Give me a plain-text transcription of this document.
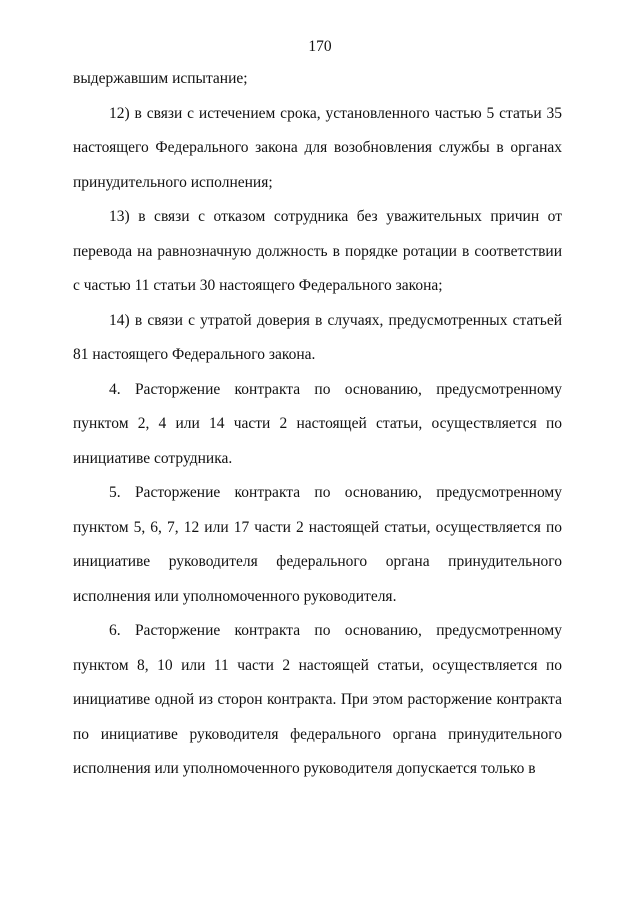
170

выдержавшим испытание;

12) в связи с истечением срока, установленного частью 5 статьи 35 настоящего Федерального закона для возобновления службы в органах принудительного исполнения;

13) в связи с отказом сотрудника без уважительных причин от перевода на равнозначную должность в порядке ротации в соответствии с частью 11 статьи 30 настоящего Федерального закона;

14) в связи с утратой доверия в случаях, предусмотренных статьей 81 настоящего Федерального закона.

4. Расторжение контракта по основанию, предусмотренному пунктом 2, 4 или 14 части 2 настоящей статьи, осуществляется по инициативе сотрудника.

5. Расторжение контракта по основанию, предусмотренному пунктом 5, 6, 7, 12 или 17 части 2 настоящей статьи, осуществляется по инициативе руководителя федерального органа принудительного исполнения или уполномоченного руководителя.

6. Расторжение контракта по основанию, предусмотренному пунктом 8, 10 или 11 части 2 настоящей статьи, осуществляется по инициативе одной из сторон контракта. При этом расторжение контракта по инициативе руководителя федерального органа принудительного исполнения или уполномоченного руководителя допускается только в
